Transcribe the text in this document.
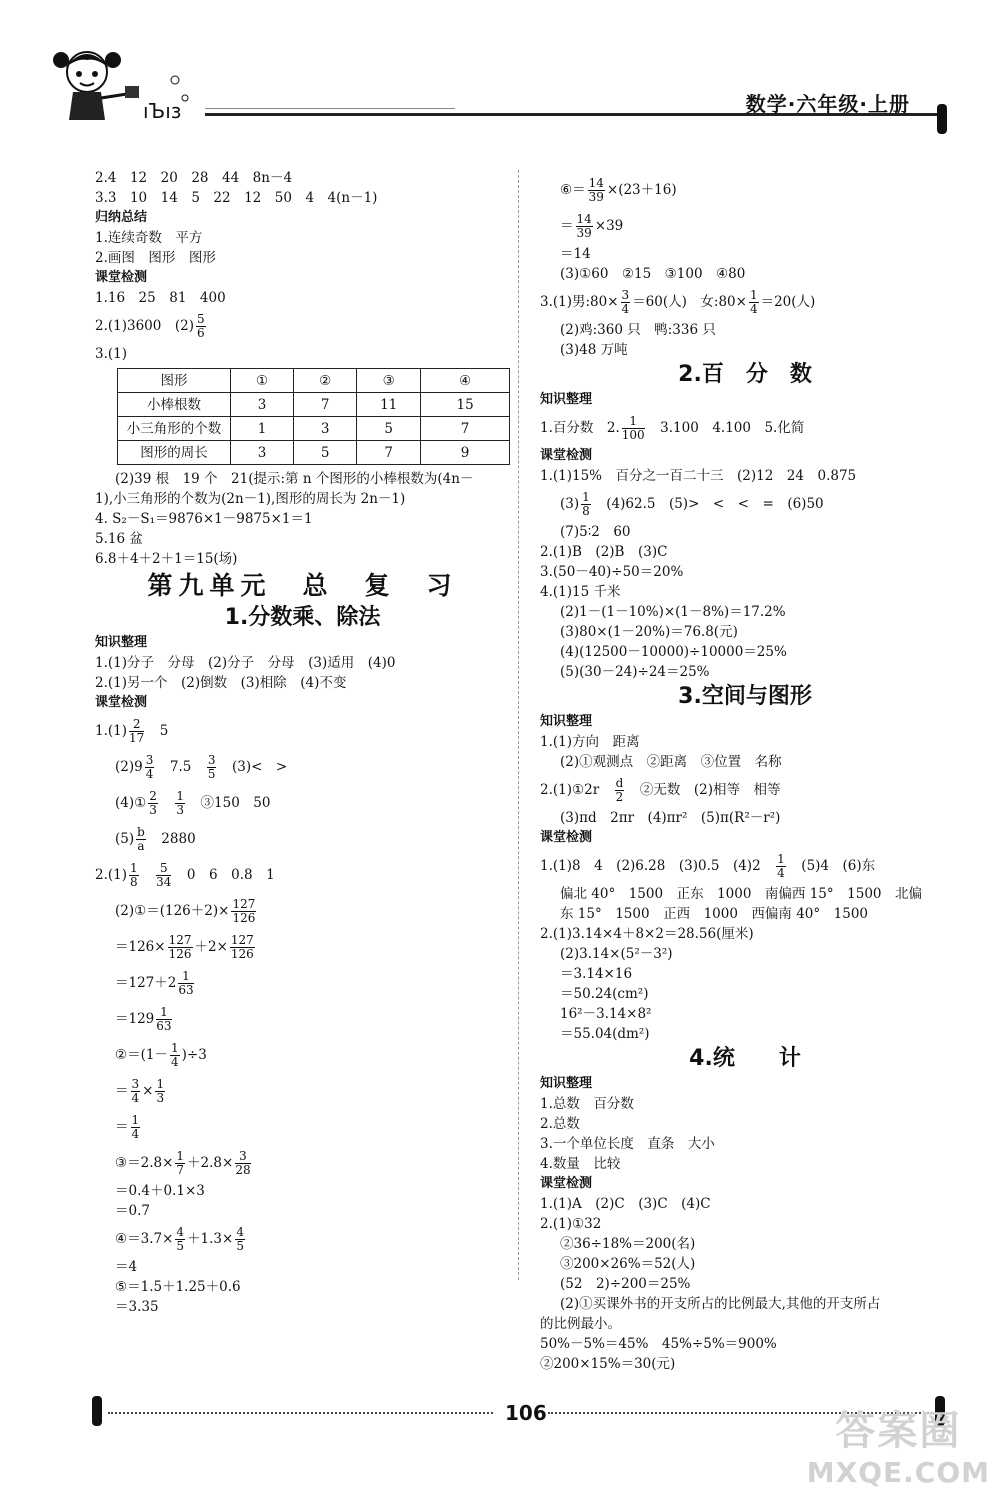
ıЪıз	数学·六年级·上册
2.4　12　20　28　44　8n－4
3.3　10　14　5　22　12　50　4　4(n－1)
归纳总结
1.连续奇数　平方
2.画图　图形　图形
课堂检测
1.16　25　81　400
2.(1)3600　$(2) \frac{5}{6}$
3.(1)
图形	①	②	③	④
小棒根数	3	7	11	15
小三角形的个数	1	3	5	7
图形的周长	3	5	7	9
(2)39 根　19 个　21(提示:第 n 个图形的小棒根数为(4n－
1),小三角形的个数为(2n－1),图形的周长为 2n－1)
4. S₂－S₁＝9876×1－9875×1＝1
5.16 盆
6.8＋4＋2＋1＝15(场)
第九单元　总　复　习
1.分数乘、除法
知识整理
1.(1)分子　分母　(2)分子　分母　(3)适用　(4)0
2.(1)另一个　(2)倒数　(3)相除　(4)不变
课堂检测
$1.(1) \frac{2}{17}$ 　5
$(2)9 \frac{3}{4}$ 　7.5　 $\frac{3}{5}$ 　(3)<　>
(4)① $\frac{2}{3}$
　 $\frac{1}{3}$ 　③150　50
$(5) \frac{b}{a}$ 　2880
$2.(1) \frac{1}{8}$
　 $\frac{5}{34}$ 　0　6　0.8　1
(2)①＝(126＋2)× $\frac{127}{126}$
$=126\times \frac{127}{126} +2\times \frac{127}{126}$
$=127+2 \frac{1}{63}$
$=129 \frac{1}{63}$
②＝(1－ $\frac{1}{4} )\div 3$
＝ $\frac{3}{4} \times \frac{1}{3}$
＝ $\frac{1}{4}$
③＝2.8× $\frac{1}{7} +2.8\times \frac{3}{28}$
＝0.4＋0.1×3
＝0.7
④＝3.7× $\frac{4}{5} +1.3\times \frac{4}{5}$
＝4
⑤＝1.5＋1.25＋0.6
＝3.35
⑥＝ $\frac{14}{39} \times(23+16)$
＝ $\frac{14}{39} \times 39$
＝14
(3)①60　②15　③100　④80
3.(1)男:80× $\frac{3}{4} =60$(人)　女:80× $\frac{1}{4} =20$(人)
(2)鸡:360 只　鸭:336 只
(3)48 万吨
2.百　分　数
知识整理
1.百分数　2. $\frac{1}{100}$ 　3.100　4.100　5.化简
课堂检测
1.(1)15%　百分之一百二十三　(2)12　24　0.875
$(3) \frac{1}{8}$ 　(4)62.5　(5)>　<　<　=　(6)50
(7)5∶2　60
2.(1)B　(2)B　(3)C
3.(50－40)÷50＝20%
4.(1)15 千米
(2)1－(1－10%)×(1－8%)＝17.2%
(3)80×(1－20%)＝76.8(元)
(4)(12500－10000)÷10000＝25%
(5)(30－24)÷24＝25%
3.空间与图形
知识整理
1.(1)方向　距离
(2)①观测点　②距离　③位置　名称
2.(1)①2r　 $\frac{d}{2}$ 　②无数　(2)相等　相等
(3)πd　2πr　(4)πr²　(5)π(R²－r²)
课堂检测
1.(1)8　4　(2)6.28　(3)0.5　(4)2　 $\frac{1}{4}$ 　(5)4　(6)东
偏北 40°　1500　正东　1000　南偏西 15°　1500　北偏
东 15°　1500　正西　1000　西偏南 40°　1500
2.(1)3.14×4＋8×2＝28.56(厘米)
(2)3.14×(5²－3²)
＝3.14×16
＝50.24(cm²)
16²－3.14×8²
＝55.04(dm²)
4.统　　计
知识整理
1.总数　百分数
2.总数
3.一个单位长度　直条　大小
4.数量　比较
课堂检测
1.(1)A　(2)C　(3)C　(4)C
2.(1)①32
②36÷18%＝200(名)
③200×26%＝52(人)
(52　2)÷200＝25%
(2)①买课外书的开支所占的比例最大,其他的开支所占
的比例最小。
50%－5%＝45%　45%÷5%＝900%
②200×15%＝30(元)
106	答案圈
MXQE.COM
